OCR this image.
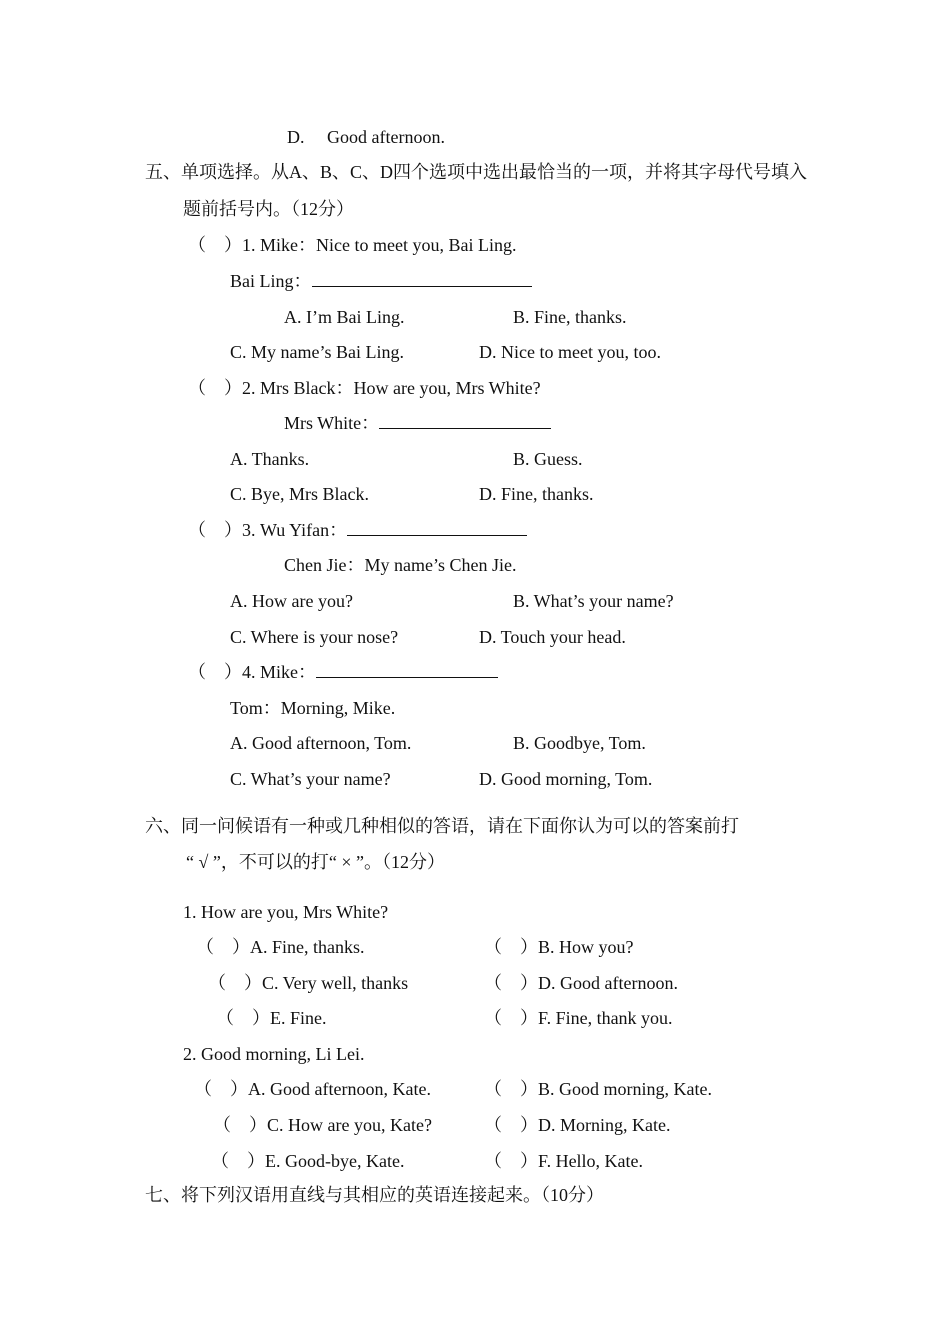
D.     Good afternoon.
五、单项选择。从A、B、C、D四个选项中选出最恰当的一项，并将其字母代号填入
题前括号内。（12分）
（    ）1. Mike：Nice to meet you, Bai Ling.
Bai Ling：
A. I’m Bai Ling.	B. Fine, thanks.
C. My name’s Bai Ling.	D. Nice to meet you, too.
（    ）2. Mrs Black：How are you, Mrs White?
Mrs White：
A. Thanks.	B. Guess.
C. Bye, Mrs Black.	D. Fine, thanks.
（    ）3. Wu Yifan：
Chen Jie：My name’s Chen Jie.
A. How are you?	B. What’s your name?
C. Where is your nose?	D. Touch your head.
（    ）4. Mike：
Tom：Morning, Mike.
A. Good afternoon, Tom.	B. Goodbye, Tom.
C. What’s your name?	D. Good morning, Tom.
六、同一问候语有一种或几种相似的答语，请在下面你认为可以的答案前打
“ √ ”，不可以的打“ × ”。（12分）
1. How are you, Mrs White?
（    ）A. Fine, thanks.	（    ）B. How you?
（    ）C. Very well, thanks	（    ）D. Good afternoon.
（    ）E. Fine.	（    ）F. Fine, thank you.
2. Good morning, Li Lei.
（    ）A. Good afternoon, Kate.	（    ）B. Good morning, Kate.
（    ）C. How are you, Kate?	（    ）D. Morning, Kate.
（    ）E. Good-bye, Kate.	（    ）F. Hello, Kate.
七、将下列汉语用直线与其相应的英语连接起来。（10分）
